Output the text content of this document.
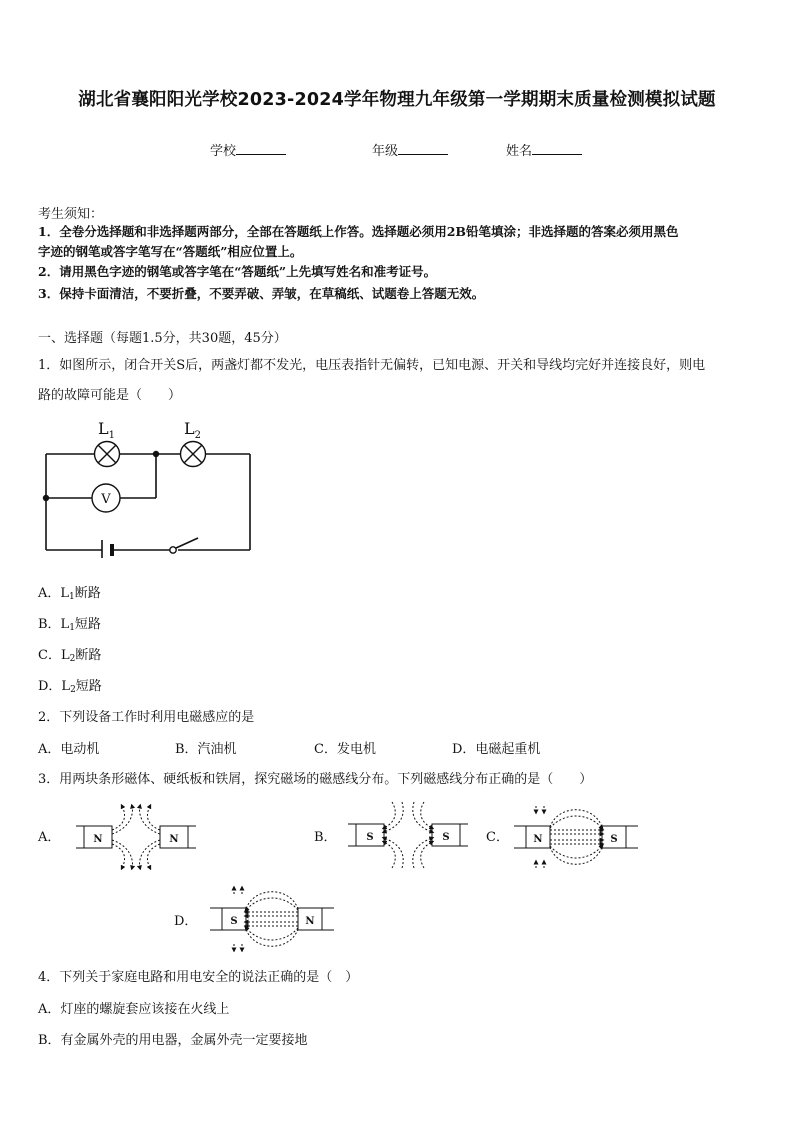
湖北省襄阳阳光学校2023-2024学年物理九年级第一学期期末质量检测模拟试题
学校	年级	姓名
考生须知：
1．全卷分选择题和非选择题两部分，全部在答题纸上作答。选择题必须用2B铅笔填涂；非选择题的答案必须用黑色
字迹的钢笔或答字笔写在“答题纸”相应位置上。
2．请用黑色字迹的钢笔或答字笔在“答题纸”上先填写姓名和准考证号。
3．保持卡面清洁，不要折叠，不要弄破、弄皱，在草稿纸、试题卷上答题无效。
一、选择题（每题1.5分，共30题，45分）
1．如图所示，闭合开关S后，两盏灯都不发光，电压表指针无偏转，已知电源、开关和导线均完好并连接良好，则电
路的故障可能是（　　）
V
$L_1$	$L_2$
A．$L_1$断路
B．$L_1$短路
C．$L_2$断路
D．$L_2$短路
2．下列设备工作时利用电磁感应的是
A．电动机	B．汽油机	C．发电机	D．电磁起重机
3．用两块条形磁体、硬纸板和铁屑，探究磁场的磁感线分布。下列磁感线分布正确的是（　　）
A．	N	N	B．	S	S	C． N	S
D．	S	N
4．下列关于家庭电路和用电安全的说法正确的是（　）
A．灯座的螺旋套应该接在火线上
B．有金属外壳的用电器，金属外壳一定要接地
